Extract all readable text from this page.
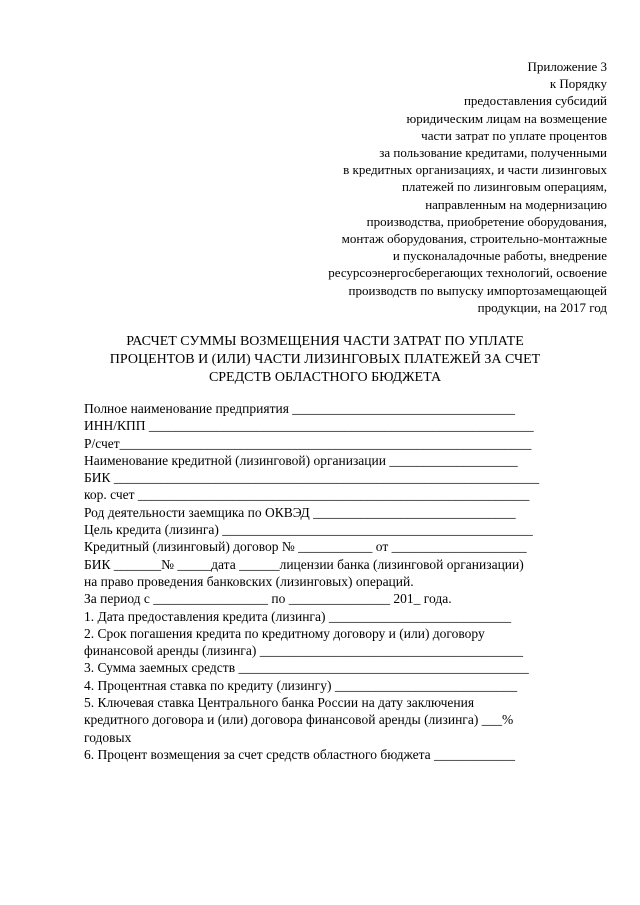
Приложение 3
к Порядку
предоставления субсидий
юридическим лицам на возмещение
части затрат по уплате процентов
за пользование кредитами, полученными
в кредитных организациях, и части лизинговых
платежей по лизинговым операциям,
направленным на модернизацию
производства, приобретение оборудования,
монтаж оборудования, строительно-монтажные
и пусконаладочные работы, внедрение
ресурсоэнергосберегающих технологий, освоение
производств по выпуску импортозамещающей
продукции, на 2017 год
РАСЧЕТ СУММЫ ВОЗМЕЩЕНИЯ ЧАСТИ ЗАТРАТ ПО УПЛАТЕ
ПРОЦЕНТОВ И (ИЛИ) ЧАСТИ ЛИЗИНГОВЫХ ПЛАТЕЖЕЙ ЗА СЧЕТ
СРЕДСТВ ОБЛАСТНОГО БЮДЖЕТА
Полное наименование предприятия _________________________________
ИНН/КПП _________________________________________________________
Р/счет_____________________________________________________________
Наименование кредитной (лизинговой) организации ___________________
БИК _______________________________________________________________
кор. счет __________________________________________________________
Род деятельности заемщика по ОКВЭД ______________________________
Цель кредита (лизинга) ______________________________________________
Кредитный (лизинговый) договор № ___________ от ____________________
БИК _______№ _____дата ______лицензии банка (лизинговой организации)
на право проведения банковских (лизинговых) операций.
За период с _________________ по _______________ 201_ года.
1. Дата предоставления кредита (лизинга) ___________________________
2. Срок погашения кредита по кредитному договору и (или) договору
финансовой аренды (лизинга) _______________________________________
3. Сумма заемных средств ___________________________________________
4. Процентная ставка по кредиту (лизингу) ___________________________
5. Ключевая ставка Центрального банка России на дату заключения
кредитного договора и (или) договора финансовой аренды (лизинга) ___%
годовых
6. Процент возмещения за счет средств областного бюджета ____________
